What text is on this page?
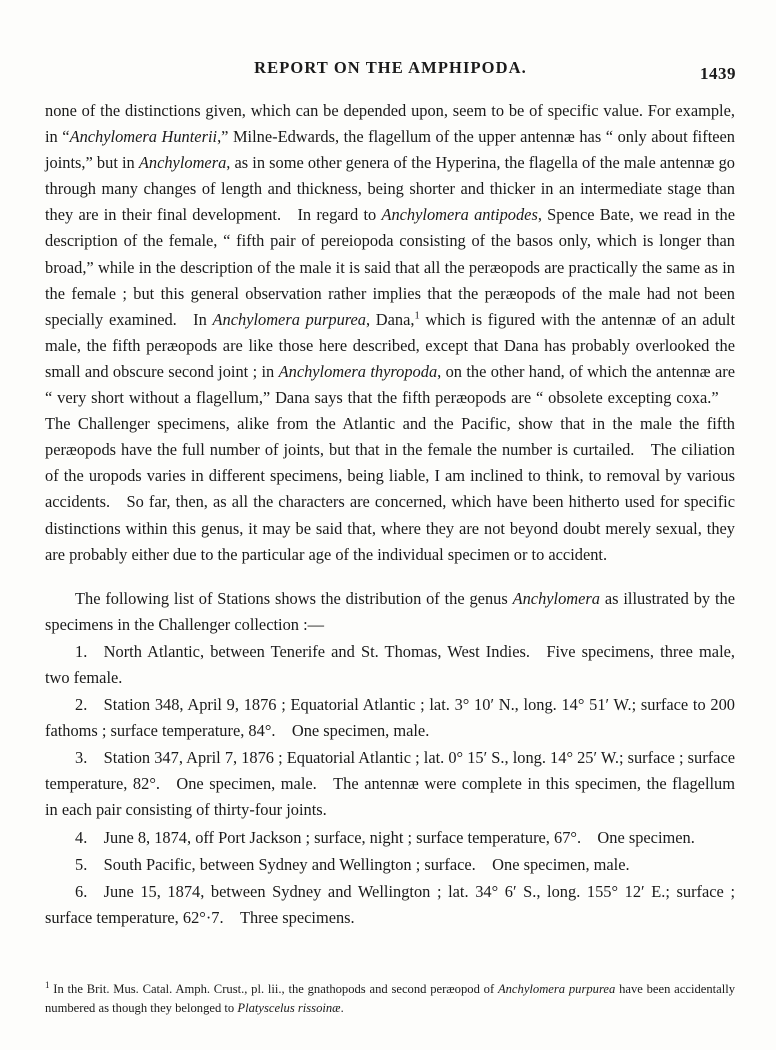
REPORT ON THE AMPHIPODA.	1439

none of the distinctions given, which can be depended upon, seem to be of specific value. For example, in “Anchylomera Hunterii,” Milne-Edwards, the flagellum of the upper antennæ has “ only about fifteen joints,” but in Anchylomera, as in some other genera of the Hyperina, the flagella of the male antennæ go through many changes of length and thickness, being shorter and thicker in an intermediate stage than they are in their final development. In regard to Anchylomera antipodes, Spence Bate, we read in the description of the female, “ fifth pair of pereiopoda consisting of the basos only, which is longer than broad,” while in the description of the male it is said that all the peræopods are practically the same as in the female ; but this general observation rather implies that the peræopods of the male had not been specially examined. In Anchylomera purpurea, Dana,$^1$ which is figured with the antennæ of an adult male, the fifth peræopods are like those here described, except that Dana has probably overlooked the small and obscure second joint ; in Anchylomera thyropoda, on the other hand, of which the antennæ are “ very short without a flagellum,” Dana says that the fifth peræopods are “ obsolete excepting coxa.” The Challenger specimens, alike from the Atlantic and the Pacific, show that in the male the fifth peræopods have the full number of joints, but that in the female the number is curtailed. The ciliation of the uropods varies in different specimens, being liable, I am inclined to think, to removal by various accidents. So far, then, as all the characters are concerned, which have been hitherto used for specific distinctions within this genus, it may be said that, where they are not beyond doubt merely sexual, they are probably either due to the particular age of the individual specimen or to accident.

The following list of Stations shows the distribution of the genus Anchylomera as illustrated by the specimens in the Challenger collection :—

1. North Atlantic, between Tenerife and St. Thomas, West Indies. Five specimens, three male, two female.

2. Station 348, April 9, 1876 ; Equatorial Atlantic ; lat. 3° 10′ N., long. 14° 51′ W.; surface to 200 fathoms ; surface temperature, 84°. One specimen, male.

3. Station 347, April 7, 1876 ; Equatorial Atlantic ; lat. 0° 15′ S., long. 14° 25′ W.; surface ; surface temperature, 82°. One specimen, male. The antennæ were complete in this specimen, the flagellum in each pair consisting of thirty-four joints.

4. June 8, 1874, off Port Jackson ; surface, night ; surface temperature, 67°. One specimen.

5. South Pacific, between Sydney and Wellington ; surface. One specimen, male.

6. June 15, 1874, between Sydney and Wellington ; lat. 34° 6′ S., long. 155° 12′ E.; surface ; surface temperature, 62°·7. Three specimens.

$^1$ In the Brit. Mus. Catal. Amph. Crust., pl. lii., the gnathopods and second peræopod of Anchylomera purpurea have been accidentally numbered as though they belonged to Platyscelus rissoinæ.
